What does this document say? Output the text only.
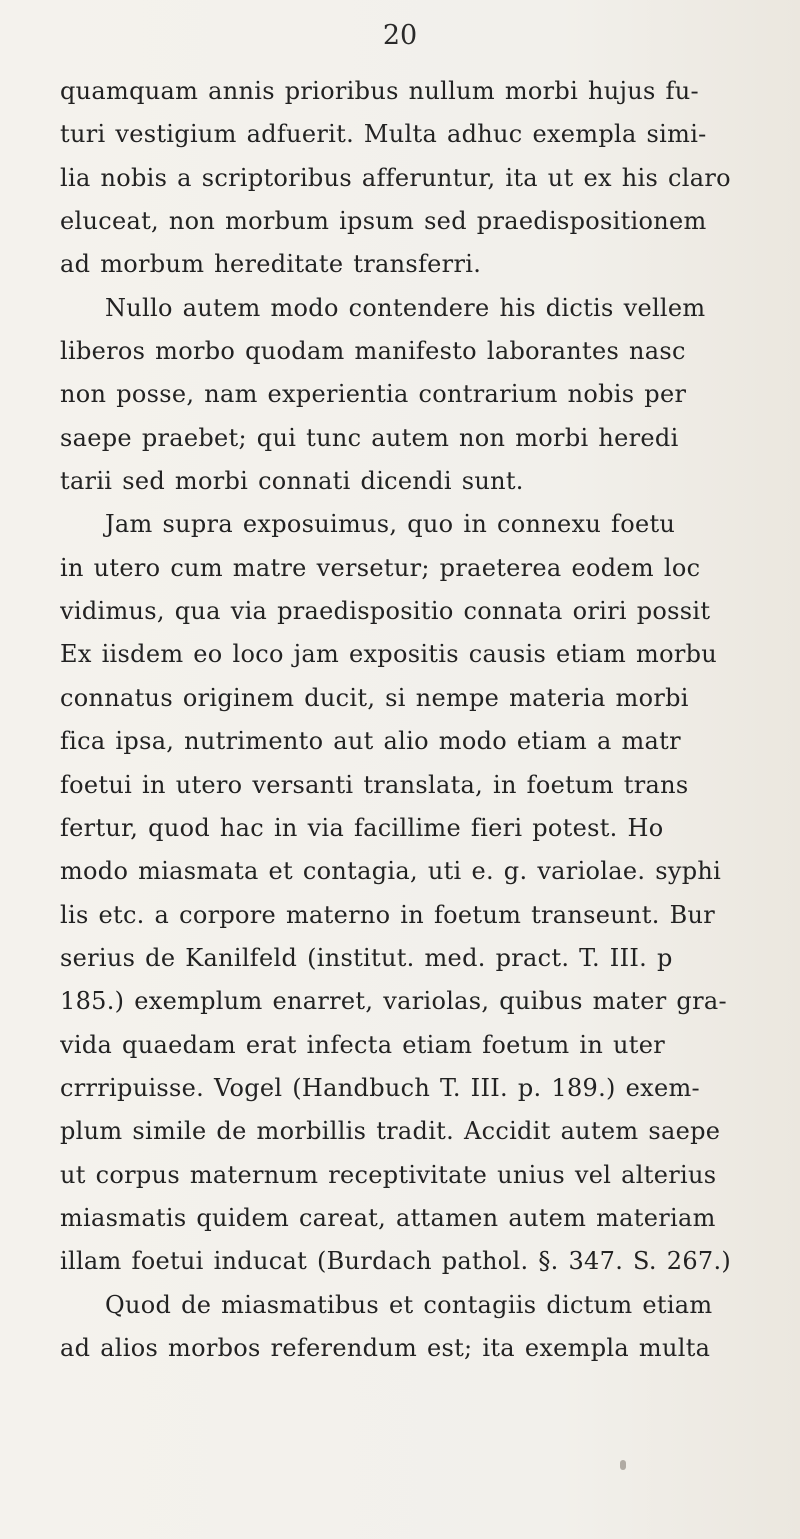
20
quamquam annis prioribus nullum morbi hujus fu-
turi vestigium adfuerit. Multa adhuc exempla simi-
lia nobis a scriptoribus afferuntur, ita ut ex his claro
eluceat, non morbum ipsum sed praedispositionem
ad morbum hereditate transferri.
Nullo autem modo contendere his dictis vellem
liberos morbo quodam manifesto laborantes nasc
non posse, nam experientia contrarium nobis per
saepe praebet; qui tunc autem non morbi heredi
tarii sed morbi connati dicendi sunt.
Jam supra exposuimus, quo in connexu foetu
in utero cum matre versetur; praeterea eodem loc
vidimus, qua via praedispositio connata oriri possit
Ex iisdem eo loco jam expositis causis etiam morbu
connatus originem ducit, si nempe materia morbi
fica ipsa, nutrimento aut alio modo etiam a matr
foetui in utero versanti translata, in foetum trans
fertur, quod hac in via facillime fieri potest. Ho
modo miasmata et contagia, uti e. g. variolae. syphi
lis etc. a corpore materno in foetum transeunt. Bur
serius de Kanilfeld (institut. med. pract. T. III. p
185.) exemplum enarret, variolas, quibus mater gra-
vida quaedam erat infecta etiam foetum in uter
crrripuisse. Vogel (Handbuch T. III. p. 189.) exem-
plum simile de morbillis tradit. Accidit autem saepe
ut corpus maternum receptivitate unius vel alterius
miasmatis quidem careat, attamen autem materiam
illam foetui inducat (Burdach pathol. §. 347. S. 267.)
Quod de miasmatibus et contagiis dictum etiam
ad alios morbos referendum est; ita exempla multa
